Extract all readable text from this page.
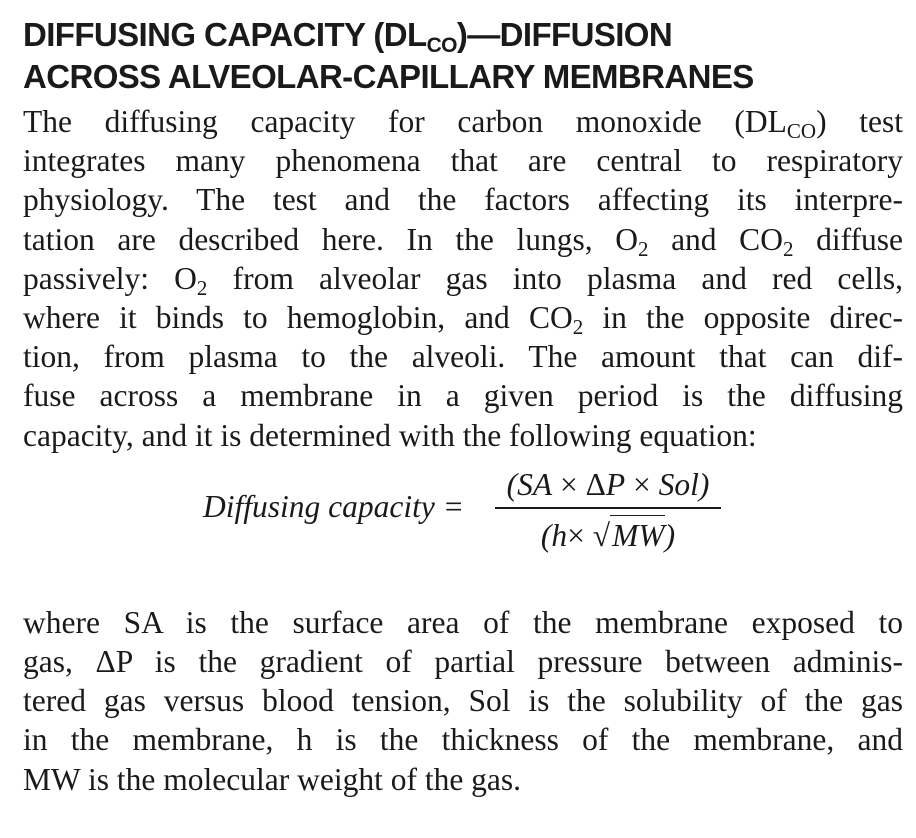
DIFFUSING CAPACITY $(DL_{CO})—DIFFUSION$
ACROSS ALVEOLAR-CAPILLARY MEMBRANES
The diffusing capacity for carbon monoxide $(DL_{CO})$ test
integrates many phenomena that are central to respiratory
physiology. The test and the factors affecting its interpre-
tation are described here. In the lungs, $O_2$ and $CO_2$ diffuse
passively: $O_2$ from alveolar gas into plasma and red cells,
where it binds to hemoglobin, and $CO_2$ in the opposite direc-
tion, from plasma to the alveoli. The amount that can dif-
fuse across a membrane in a given period is the diffusing
capacity, and it is determined with the following equation:
Diffusing capacity =
(SA × ΔP × Sol)
(h× √MW)
where SA is the surface area of the membrane exposed to
gas, ΔP is the gradient of partial pressure between adminis-
tered gas versus blood tension, Sol is the solubility of the gas
in the membrane, h is the thickness of the membrane, and
MW is the molecular weight of the gas.
